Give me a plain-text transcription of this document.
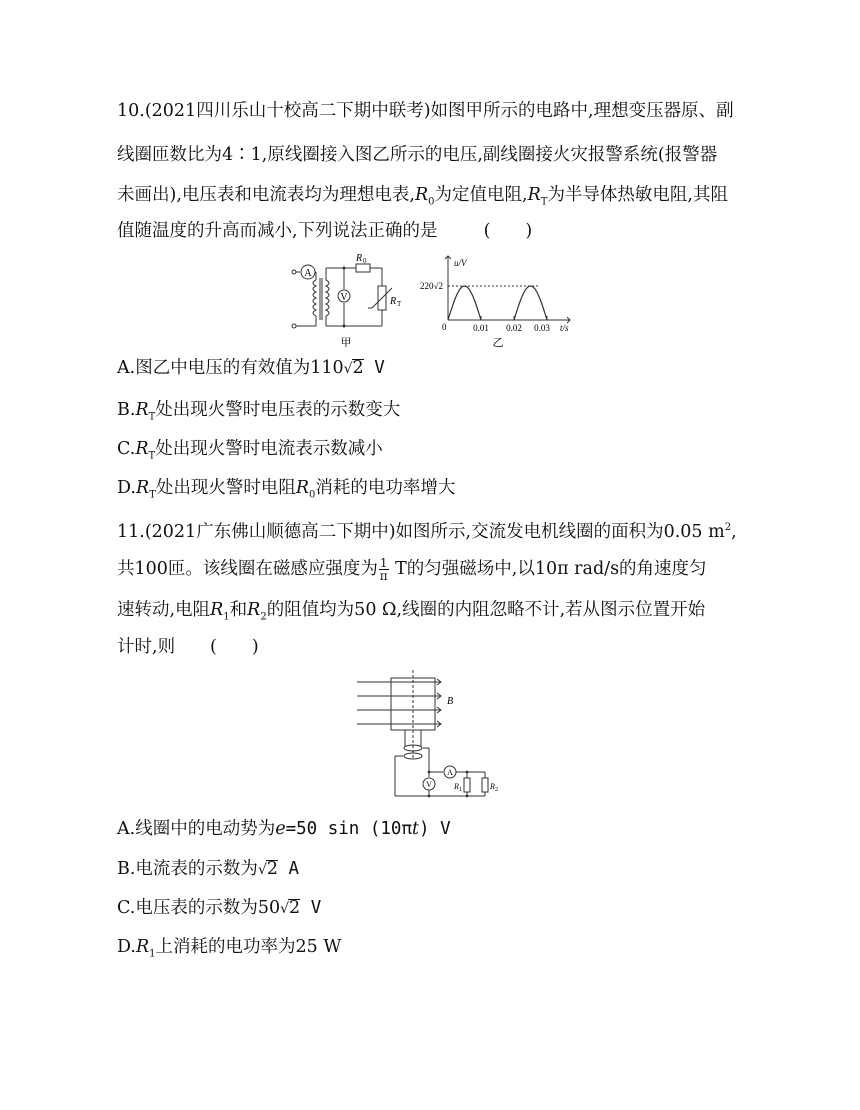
10.(2021四川乐山十校高二下期中联考)如图甲所示的电路中,理想变压器原、副
线圈匝数比为4∶1,原线圈接入图乙所示的电压,副线圈接火灾报警系统(报警器
未画出),电压表和电流表均为理想电表$,R_0$为定值电阻$,R_T$为半导体热敏电阻,其阻
值随温度的升高而减小,下列说法正确的是	(　　)
A
V
R 0
R T
甲
u/V
220√2
0	0.01 0.02 0.03 t/s
乙
A.图乙中电压的有效值为110√2 V
$B.R_T$处出现火警时电压表的示数变大
$C.R_T$处出现火警时电流表示数减小
$D.R_T$处出现火警时电阻$R_0$消耗的电功率增大
11.(2021广东佛山顺德高二下期中)如图所示,交流发电机线圈的面积为0.05 $m^2$,
共100匝。该线圈在磁感应强度为 $\frac{1}{\pi}$ T的匀强磁场中,以10π rad/s的角速度匀
速转动,电阻$R_1$和$R_2$的阻值均为50 Ω,线圈的内阻忽略不计,若从图示位置开始
计时,则　　(　　)
B
A
V	R 1	R 2
A.线圈中的电动势为e=50 sin (10πt) V
B.电流表的示数为√2 A
C.电压表的示数为50√2 V
$D.R_1$上消耗的电功率为25 W
